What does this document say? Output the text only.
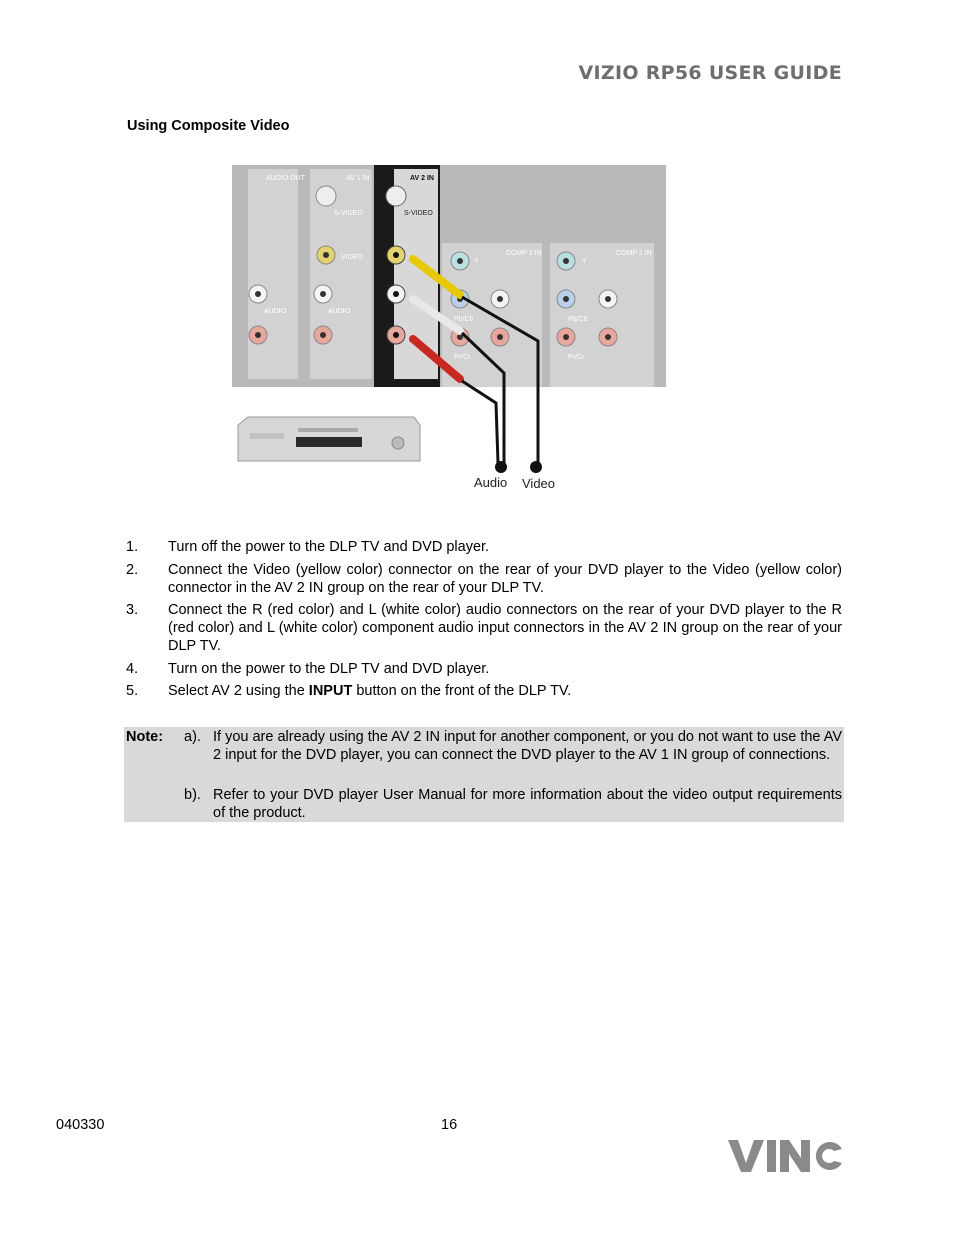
VIZIO RP56 USER GUIDE
Using Composite Video
AUDIO OUT	AV 1 IN	AV 2 IN
COMP 1 IN	COMP 2 IN
S-VIDEO	S-VIDEO
VIDEO
AUDIO	AUDIO
Y
Pb/Cb
Pr/Cr
Y
Pb/Cb
Pr/Cr
Audio Video
1. Turn off the power to the DLP TV and DVD player.
2. Connect the Video (yellow color) connector on the rear of your DVD player to the Video (yellow color) connector in the AV 2 IN group on the rear of your DLP TV.
3. Connect the R (red color) and L (white color) audio connectors on the rear of your DVD player to the R (red color) and L (white color) component audio input connectors in the AV 2 IN group on the rear of your DLP TV.
4. Turn on the power to the DLP TV and DVD player.
5. Select AV 2 using the INPUT button on the front of the DLP TV.
Note: a). If you are already using the AV 2 IN input for another component, or you do not want to use the AV 2 input for the DVD player, you can connect the DVD player to the AV 1 IN group of connections.
b). Refer to your DVD player User Manual for more information about the video output requirements of the product.
040330	16
